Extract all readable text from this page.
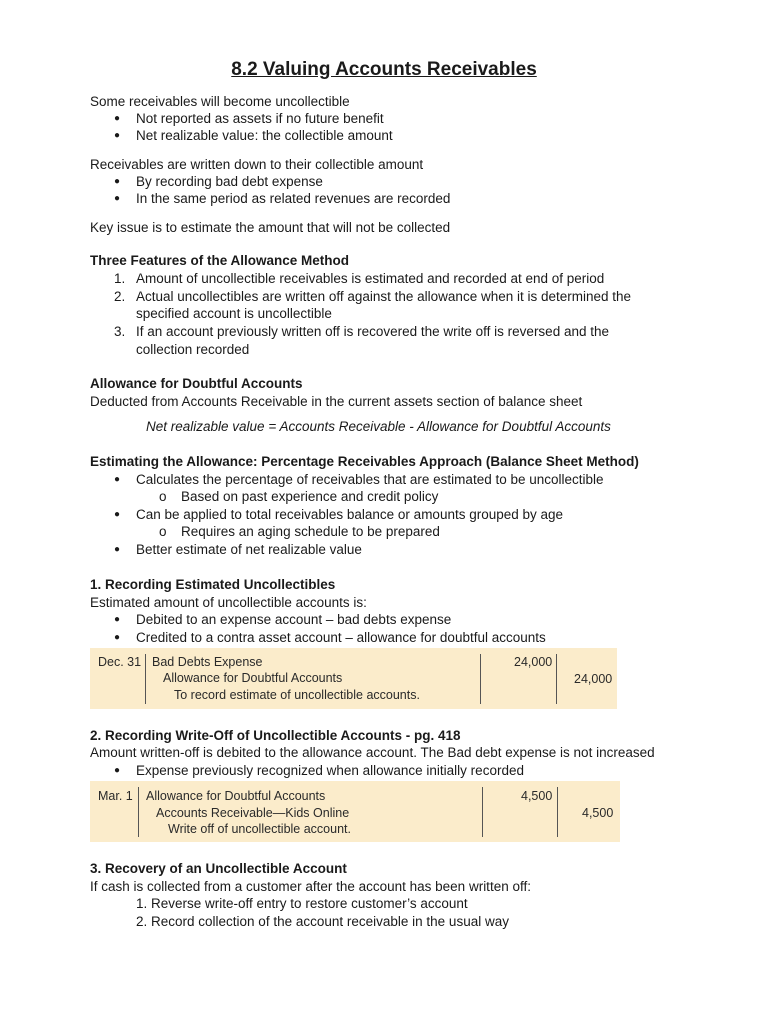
8.2 Valuing Accounts Receivables
Some receivables will become uncollectible
● Not reported as assets if no future benefit
● Net realizable value: the collectible amount
Receivables are written down to their collectible amount
● By recording bad debt expense
● In the same period as related revenues are recorded
Key issue is to estimate the amount that will not be collected
Three Features of the Allowance Method
1. Amount of uncollectible receivables is estimated and recorded at end of period
2. Actual uncollectibles are written off against the allowance when it is determined the
specified account is uncollectible
3. If an account previously written off is recovered the write off is reversed and the
collection recorded
Allowance for Doubtful Accounts
Deducted from Accounts Receivable in the current assets section of balance sheet
Net realizable value = Accounts Receivable - Allowance for Doubtful Accounts
Estimating the Allowance: Percentage Receivables Approach (Balance Sheet Method)
● Calculates the percentage of receivables that are estimated to be uncollectible
o Based on past experience and credit policy
● Can be applied to total receivables balance or amounts grouped by age
o Requires an aging schedule to be prepared
● Better estimate of net realizable value
1. Recording Estimated Uncollectibles
Estimated amount of uncollectible accounts is:
● Debited to an expense account – bad debts expense
● Credited to a contra asset account – allowance for doubtful accounts
Dec. 31 Bad Debts Expense
Allowance for Doubtful Accounts
To record estimate of uncollectible accounts.
24,000
24,000
2. Recording Write-Off of Uncollectible Accounts - pg. 418
Amount written-off is debited to the allowance account. The Bad debt expense is not increased
● Expense previously recognized when allowance initially recorded
Mar. 1 Allowance for Doubtful Accounts
Accounts Receivable—Kids Online
Write off of uncollectible account.
4,500
4,500
3. Recovery of an Uncollectible Account
If cash is collected from a customer after the account has been written off:
1. Reverse write-off entry to restore customer’s account
2. Record collection of the account receivable in the usual way
